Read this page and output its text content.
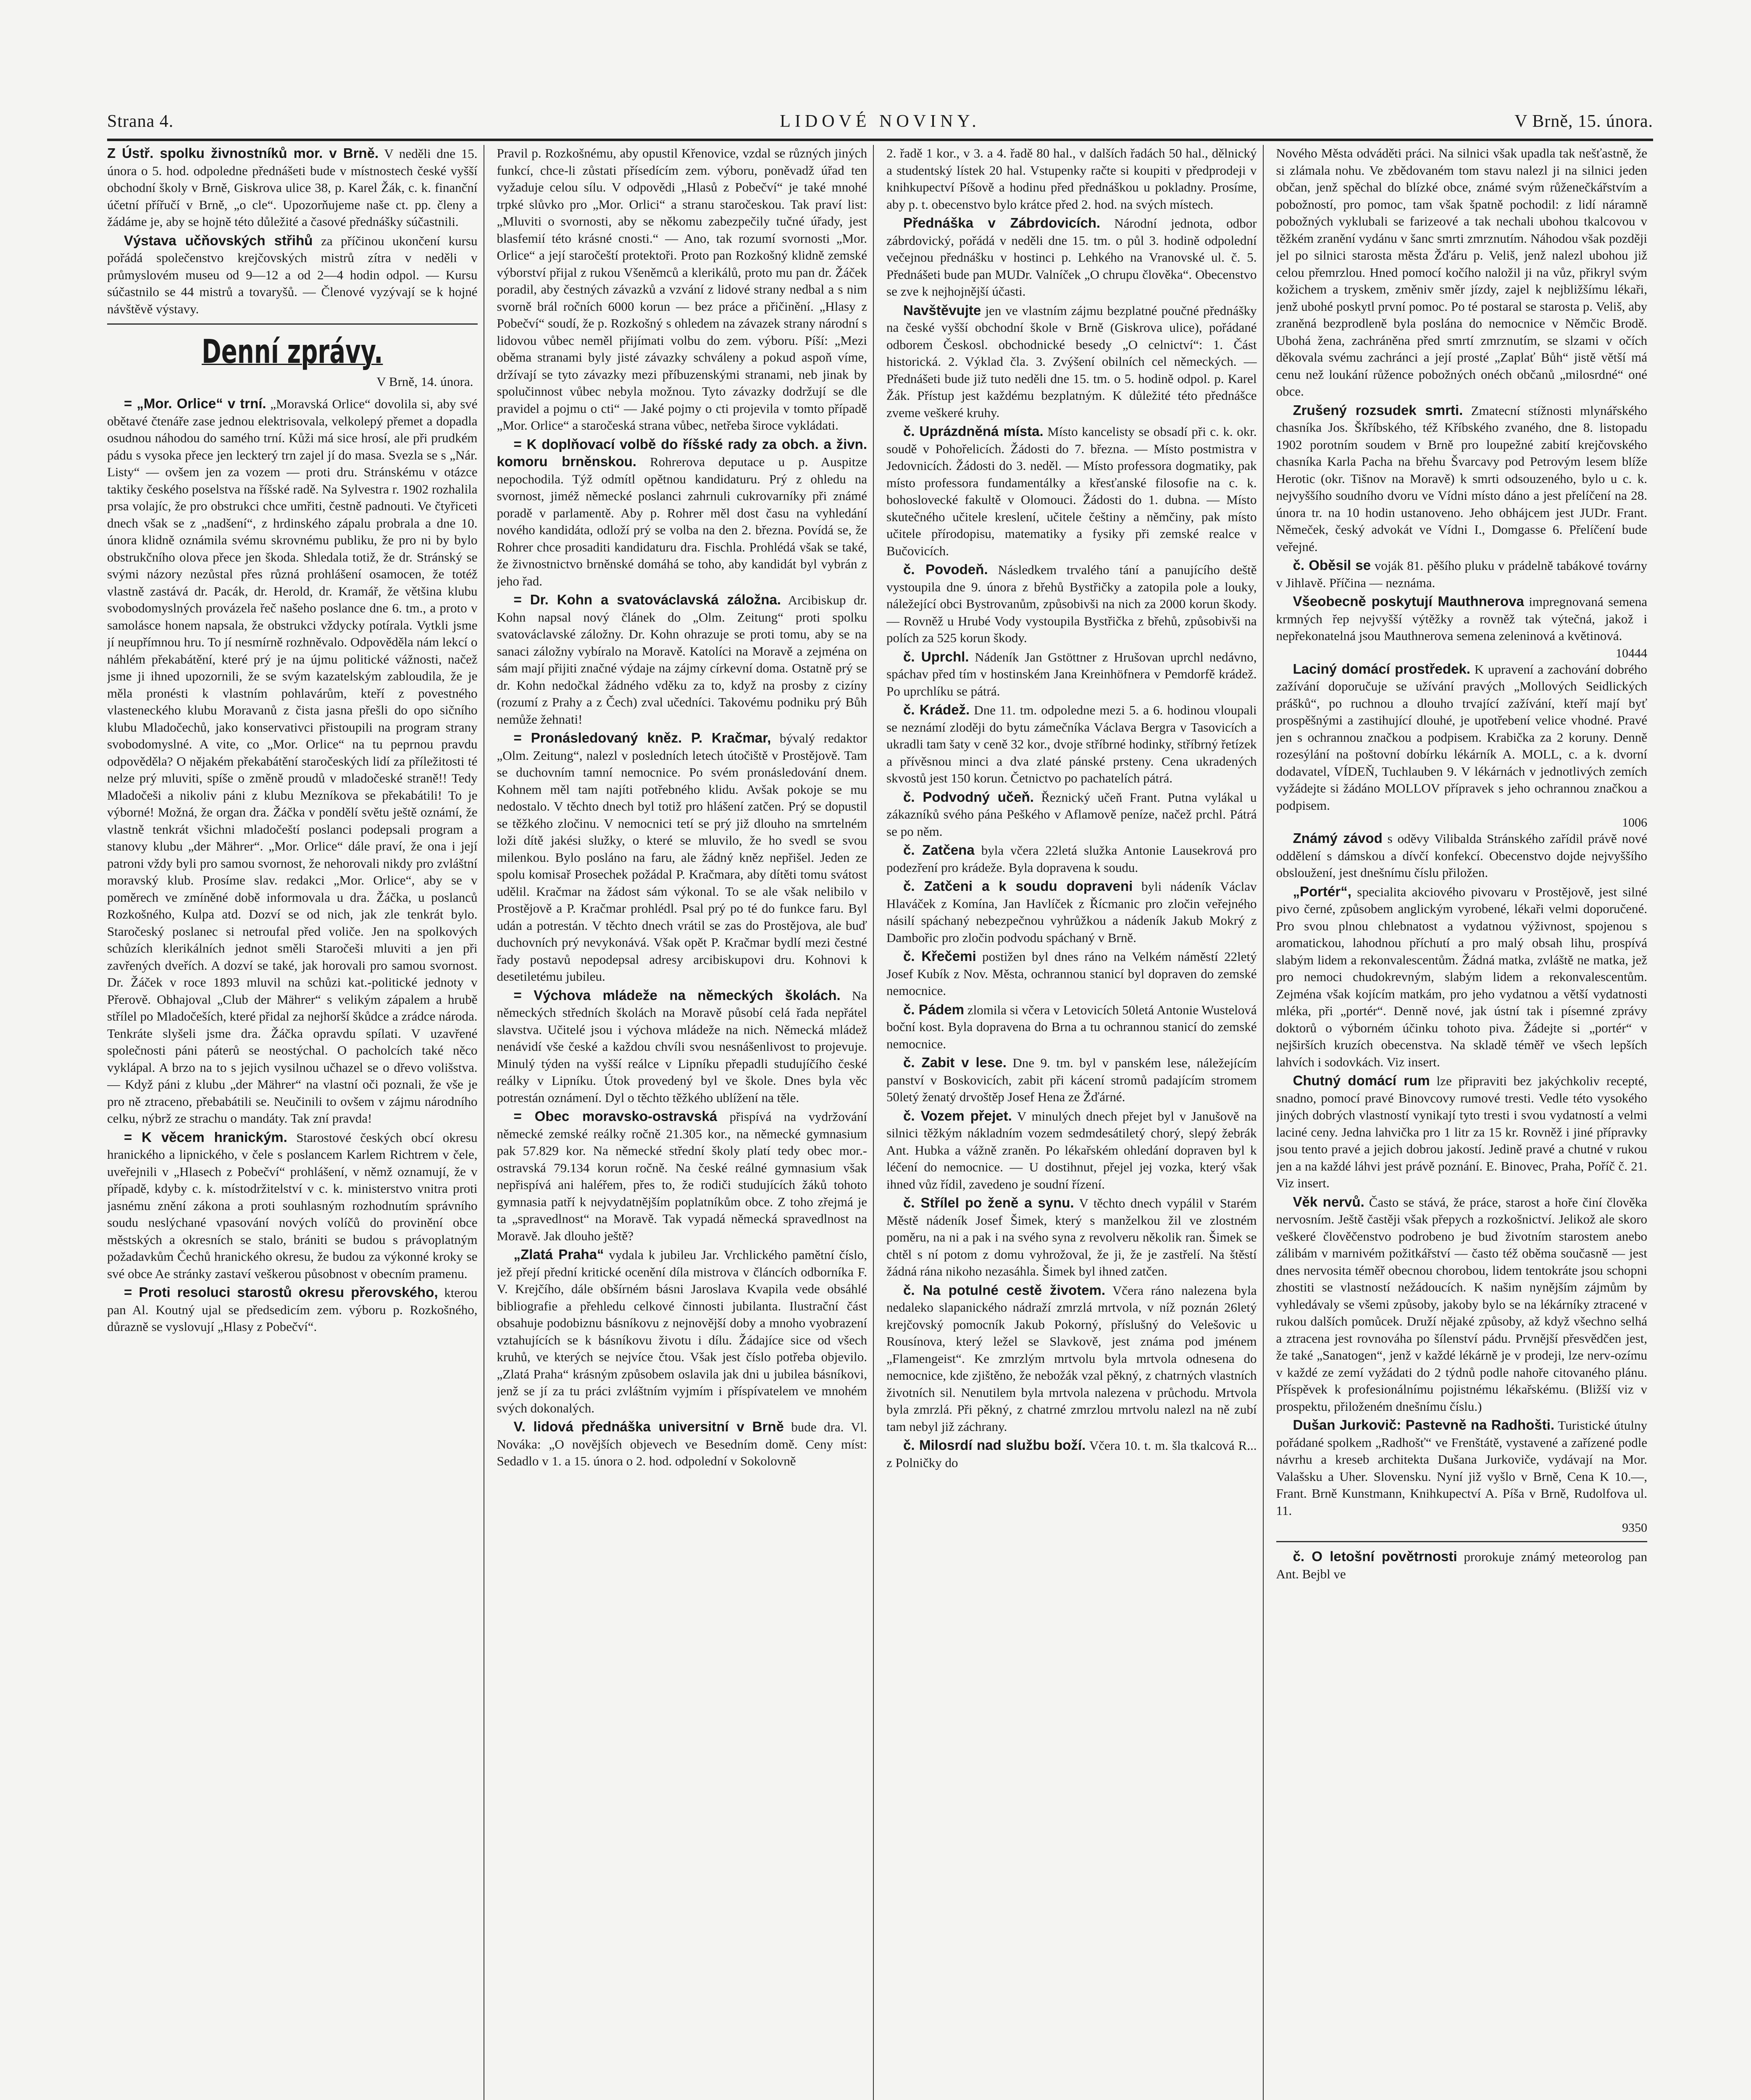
Strana 4.	LIDOVÉ NOVINY.	V Brně, 15. února.

Z Ústř. spolku živnostníků mor. v Brně. V neděli dne 15. února o 5. hod. odpoledne přednášeti bude v místnostech české vyšší obchodní školy v Brně, Giskrova ulice 38, p. Karel Žák, c. k. finanční účetní přířučí v Brně, „o cle“. Upozorňujeme naše ct. pp. členy a žádáme je, aby se hojně této důležité a časové přednášky súčastnili.

Výstava učňovských střihů za příčinou ukončení kursu pořádá společenstvo krejčovských mistrů zítra v neděli v průmyslovém museu od 9—12 a od 2—4 hodin odpol. — Kursu súčastnilo se 44 mistrů a tovaryšů. — Členové vyzývají se k hojné návštěvě výstavy.

Denní zprávy.
V Brně, 14. února.

= „Mor. Orlice“ v trní. „Moravská Orlice“ dovolila si, aby své obětavé čtenáře zase jednou elektrisovala, velkolepý přemet a dopadla osudnou náhodou do samého trní. Kůži má sice hrosí, ale při prudkém pádu s vysoka přece jen leckterý trn zajel jí do masa. Svezla se s „Nár. Listy“ — ovšem jen za vozem — proti dru. Stránskému v otázce taktiky českého poselstva na říšské radě. Na Sylvestra r. 1902 rozhalila prsa volajíc, že pro obstrukci chce umřiti, čestně padnouti. Ve čtyřiceti dnech však se z „nadšení“, z hrdinského zápalu probrala a dne 10. února klidně oznámila svému skrovnému publiku, že pro ni by bylo obstrukčního olova přece jen škoda. Shledala totiž, že dr. Stránský se svými názory nezůstal přes různá prohlášení osamocen, že totéž vlastně zastává dr. Pacák, dr. Herold, dr. Kramář, že většina klubu svobodomyslných provázela řeč našeho poslance dne 6. tm., a proto v samolásce honem napsala, že obstrukci vždycky potírala. Vytkli jsme jí neupřímnou hru. To jí nesmírně rozhněvalo. Odpověděla nám lekcí o náhlém překabátění, které prý je na újmu politické vážnosti, načež jsme ji ihned upozornili, že se svým kazatelským zabloudila, že je měla pronésti k vlastním pohlavárům, kteří z povestného vlasteneckého klubu Moravanů z čista jasna přešli do opo sičního klubu Mladočechů, jako konservativci přistoupili na program strany svobodomyslné. A vite, co „Mor. Orlice“ na tu peprnou pravdu odpověděla? O nějakém překabátění staročeských lidí za příležitosti té nelze prý mluviti, spíše o změně proudů v mladočeské straně!! Tedy Mladočeši a nikoliv páni z klubu Mezníkova se překabátili! To je výborné! Možná, že organ dra. Žáčka v pondělí světu ještě oznámí, že vlastně tenkrát všichni mladočeští poslanci podepsali program a stanovy klubu „der Mährer“. „Mor. Orlice“ dále praví, že ona i její patroni vždy byli pro samou svornost, že nehorovali nikdy pro zvláštní moravský klub. Prosíme slav. redakci „Mor. Orlice“, aby se v poměrech ve zmíněné době informovala u dra. Žáčka, u poslanců Rozkošného, Kulpa atd. Dozví se od nich, jak zle tenkrát bylo. Staročeský poslanec si netroufal před voliče. Jen na spolkových schůzích klerikálních jednot směli Staročeši mluviti a jen při zavřených dveřích. A dozví se také, jak horovali pro samou svornost. Dr. Žáček v roce 1893 mluvil na schůzi kat.-politické jednoty v Přerově. Obhajoval „Club der Mährer“ s velikým zápalem a hrubě střílel po Mladočeších, které přidal za nejhorší škůdce a zrádce národa. Tenkráte slyšeli jsme dra. Žáčka opravdu spílati. V uzavřené společnosti páni páterů se neostýchal. O pacholcích také něco vyklápal. A brzo na to s jejich vysilnou učhazel se o dřevo volišstva. — Když páni z klubu „der Mährer“ na vlastní oči poznali, že vše je pro ně ztraceno, přebabátili se. Neučinili to ovšem v zájmu národního celku, nýbrž ze strachu o mandáty. Tak zní pravda!

= K věcem hranickým. Starostové českých obcí okresu hranického a lipnického, v čele s poslancem Karlem Richtrem v čele, uveřejnili v „Hlasech z Pobečví“ prohlášení, v němž oznamují, že v případě, kdyby c. k. místodržitelství v c. k. ministerstvo vnitra proti jasnému znění zákona a proti souhlasným rozhodnutím správního soudu neslýchané vpasování nových volíčů do provinění obce městských a okresních se stalo, brániti se budou s právoplatným požadavkům Čechů hranického okresu, že budou za výkonné kroky se své obce Ae stránky zastaví veškerou působnost v obecním pramenu.

= Proti resoluci starostů okresu přerovského, kterou pan Al. Koutný ujal se předsedicím zem. výboru p. Rozkošného, důrazně se vyslovují „Hlasy z Pobečví“.

Pravil p. Rozkošnému, aby opustil Křenovice, vzdal se různých jiných funkcí, chce-li zůstati přísedícím zem. výboru, poněvadž úřad ten vyžaduje celou sílu. V odpovědi „Hlasů z Pobečví“ je také mnohé trpké slůvko pro „Mor. Orlici“ a stranu staročeskou. Tak praví list: „Mluviti o svornosti, aby se někomu zabezpečily tučné úřady, jest blasfemií této krásné cnosti.“ — Ano, tak rozumí svornosti „Mor. Orlice“ a její staročeští protektoři. Proto pan Rozkošný klidně zemské výborství přijal z rukou Všeněmců a klerikálů, proto mu pan dr. Žáček poradil, aby čestných závazků a vzvání z lidové strany nedbal a s nim svorně brál ročních 6000 korun — bez práce a přičinění. „Hlasy z Pobečví“ soudí, že p. Rozkošný s ohledem na závazek strany národní s lidovou vůbec neměl přijímati volbu do zem. výboru. Píší: „Mezi oběma stranami byly jisté závazky schváleny a pokud aspoň víme, držívají se tyto závazky mezi příbuzenskými stranami, neb jinak by spolučinnost vůbec nebyla možnou. Tyto závazky dodržují se dle pravidel a pojmu o cti“ — Jaké pojmy o cti projevila v tomto případě „Mor. Orlice“ a staročeská strana vůbec, netřeba široce vykládati.

= K doplňovací volbě do říšské rady za obch. a živn. komoru brněnskou. Rohrerova deputace u p. Auspitze nepochodila. Týž odmítl opětnou kandidaturu. Prý z ohledu na svornost, jiméž německé poslanci zahrnuli cukrovarníky při známé poradě v parlamentě. Aby p. Rohrer měl dost času na vyhledání nového kandidáta, odloží prý se volba na den 2. března. Povídá se, že Rohrer chce prosaditi kandidaturu dra. Fischla. Prohlédá však se také, že živnostnictvo brněnské domáhá se toho, aby kandidát byl vybrán z jeho řad.

= Dr. Kohn a svatováclavská záložna. Arcibiskup dr. Kohn napsal nový článek do „Olm. Zeitung“ proti spolku svatováclavské záložny. Dr. Kohn ohrazuje se proti tomu, aby se na sanaci záložny vybíralo na Moravě. Katolíci na Moravě a zejména on sám mají přijiti značné výdaje na zájmy církevní doma. Ostatně prý se dr. Kohn nedočkal žádného vděku za to, když na prosby z cizíny (rozumí z Prahy a z Čech) zval učedníci. Takovému podniku prý Bůh nemůže žehnati!

= Pronásledovaný kněz. P. Kračmar, bývalý redaktor „Olm. Zeitung“, nalezl v posledních letech útočiště v Prostějově. Tam se duchovním tamní nemocnice. Po svém pronásledování dnem. Kohnem měl tam najíti potřebného klidu. Avšak pokoje se mu nedostalo. V těchto dnech byl totiž pro hlášení zatčen. Prý se dopustil se těžkého zločinu. V nemocnici tetí se prý již dlouho na smrtelném loži dítě jakési služky, o které se mluvilo, že ho svedl se svou milenkou. Bylo posláno na faru, ale žádný kněz nepřišel. Jeden ze spolu komisař Prosechek požádal P. Kračmara, aby dítěti tomu svátost udělil. Kračmar na žádost sám výkonal. To se ale však nelibilo v Prostějově a P. Kračmar prohlédl. Psal prý po té do funkce faru. Byl udán a potrestán. V těchto dnech vrátil se zas do Prostějova, ale buď duchovních prý nevykonává. Však opět P. Kračmar bydlí mezi čestné řady postavů nepodepsal adresy arcibiskupovi dru. Kohnovi k desetiletému jubileu.

= Výchova mládeže na německých školách. Na německých středních školách na Moravě působí celá řada nepřátel slavstva. Učitelé jsou i výchova mládeže na nich. Německá mládež nenávidí vše české a každou chvíli svou nesnášenlivost to projevuje. Minulý týden na vyšší reálce v Lipníku přepadli studujíčího české reálky v Lipníku. Útok provedený byl ve škole. Dnes byla věc potrestán oznámení. Dyl o těchto těžkého ublížení na těle.

= Obec moravsko-ostravská přispívá na vydržování německé zemské reálky ročně 21.305 kor., na německé gymnasium pak 57.829 kor. Na německé střední školy platí tedy obec mor.-ostravská 79.134 korun ročně. Na české reálné gymnasium však nepřispívá ani haléřem, přes to, že rodiči studujících žáků tohoto gymnasia patří k nejvydatnějším poplatníkům obce. Z toho zřejmá je ta „spravedlnost“ na Moravě. Tak vypadá německá spravedlnost na Moravě. Jak dlouho ještě?

„Zlatá Praha“ vydala k jubileu Jar. Vrchlického pamětní číslo, jež přejí přední kritické ocenění díla mistrova v článcích odborníka F. V. Krejčího, dále obšírném básni Jaroslava Kvapila vede obsáhlé bibliografie a přehledu celkové činnosti jubilanta. Ilustrační část obsahuje podobiznu básníkovu z nejnovější doby a mnoho vyobrazení vztahujících se k básníkovu životu i dílu. Žádajíce sice od všech kruhů, ve kterých se nejvíce čtou. Však jest číslo potřeba objevilo. „Zlatá Praha“ krásným způsobem oslavila jak dni u jubilea básníkovi, jenž se jí za tu práci zvláštním vyjmím i příspívatelem ve mnohém svých dokonalých.

V. lidová přednáška universitní v Brně bude dra. Vl. Nováka: „O novějších objevech ve Besedním domě. Ceny míst: Sedadlo v 1. a 15. února o 2. hod. odpolední v Sokolovně

2. řadě 1 kor., v 3. a 4. řadě 80 hal., v dalších řadách 50 hal., dělnický a studentský lístek 20 hal. Vstupenky račte si koupiti v předprodeji v knihkupectví Píšově a hodinu před přednáškou u pokladny. Prosíme, aby p. t. obecenstvo bylo krátce před 2. hod. na svých místech.

Přednáška v Zábrdovicích. Národní jednota, odbor zábrdovický, pořádá v neděli dne 15. tm. o půl 3. hodině odpolední večejnou přednášku v hostinci p. Lehkého na Vranovské ul. č. 5. Přednášeti bude pan MUDr. Valníček „O chrupu člověka“. Obecenstvo se zve k nejhojnější účasti.

Navštěvujte jen ve vlastním zájmu bezplatné poučné přednášky na české vyšší obchodní škole v Brně (Giskrova ulice), pořádané odborem Českosl. obchodnické besedy „O celnictví“: 1. Část historická. 2. Výklad čla. 3. Zvýšení obilních cel německých. — Přednášeti bude již tuto neděli dne 15. tm. o 5. hodině odpol. p. Karel Žák. Přístup jest každému bezplatným. K důležité této přednášce zveme veškeré kruhy.

č. Uprázdněná místa. Místo kancelisty se obsadí při c. k. okr. soudě v Pohořelicích. Žádosti do 7. března. — Místo postmistra v Jedovnicích. Žádosti do 3. neděl. — Místo professora dogmatiky, pak místo professora fundamentálky a křesťanské filosofie na c. k. bohoslovecké fakultě v Olomouci. Žádosti do 1. dubna. — Místo skutečného učitele kreslení, učitele češtiny a němčiny, pak místo učitele přírodopisu, matematiky a fysiky při zemské realce v Bučovicích.

č. Povodeň. Následkem trvalého tání a panujícího deště vystoupila dne 9. února z břehů Bystřičky a zatopila pole a louky, náležející obci Bystrovanům, způsobivši na nich za 2000 korun škody. — Rovněž u Hrubé Vody vystoupila Bystřička z břehů, způsobivši na polích za 525 korun škody.

č. Uprchl. Nádeník Jan Gstöttner z Hrušovan uprchl nedávno, spáchav před tím v hostinském Jana Kreinhöfnera v Pemdorfě krádež. Po uprchlíku se pátrá.

č. Krádež. Dne 11. tm. odpoledne mezi 5. a 6. hodinou vloupali se neznámí zloději do bytu zámečníka Václava Bergra v Tasovicích a ukradli tam šaty v ceně 32 kor., dvoje stříbrné hodinky, stříbrný řetízek a přívěsnou minci a dva zlaté pánské prsteny. Cena ukradených skvostů jest 150 korun. Četnictvo po pachatelích pátrá.

č. Podvodný učeň. Řeznický učeň Frant. Putna vylákal u zákazníků svého pána Peškého v Aflamově peníze, načež prchl. Pátrá se po něm.

č. Zatčena byla včera 22letá služka Antonie Lausekrová pro podezření pro krádeže. Byla dopravena k soudu.

č. Zatčeni a k soudu dopraveni byli nádeník Václav Hlaváček z Komína, Jan Havlíček z Řícmanic pro zločin veřejného násilí spáchaný nebezpečnou vyhrůžkou a nádeník Jakub Mokrý z Dambořic pro zločin podvodu spáchaný v Brně.

č. Křečemi postižen byl dnes ráno na Velkém náměstí 22letý Josef Kubík z Nov. Města, ochrannou stanicí byl dopraven do zemské nemocnice.

č. Pádem zlomila si včera v Letovicích 50letá Antonie Wustelová boční kost. Byla dopravena do Brna a tu ochrannou stanicí do zemské nemocnice.

č. Zabit v lese. Dne 9. tm. byl v panském lese, náležejícím panství v Boskovicích, zabit při kácení stromů padajícím stromem 50letý ženatý drvoštěp Josef Hena ze Žďárné.

č. Vozem přejet. V minulých dnech přejet byl v Janušově na silnici těžkým nákladním vozem sedmdesátiletý chorý, slepý žebrák Ant. Hubka a vážně zraněn. Po lékařském ohledání dopraven byl k léčení do nemocnice. — U dostihnut, přejel jej vozka, který však ihned vůz řídil, zavedeno je soudní řízení.

č. Střílel po ženě a synu. V těchto dnech vypálil v Starém Městě nádeník Josef Šimek, který s manželkou žil ve zlostném poměru, na ni a pak i na svého syna z revolveru několik ran. Šimek se chtěl s ní potom z domu vyhrožoval, že ji, že je zastřelí. Na štěstí žádná rána nikoho nezasáhla. Šimek byl ihned zatčen.

č. Na potulné cestě životem. Včera ráno nalezena byla nedaleko slapanického nádraží zmrzlá mrtvola, v níž poznán 26letý krejčovský pomocník Jakub Pokorný, příslušný do Velešovic u Rousínova, který ležel se Slavkově, jest známa pod jménem „Flamengeist“. Ke zmrzlým mrtvolu byla mrtvola odnesena do nemocnice, kde zjištěno, že nebožák vzal pěkný, z chatrných vlastních životních sil. Nenutilem byla mrtvola nalezena v průchodu. Mrtvola byla zmrzlá. Při pěkný, z chatrné zmrzlou mrtvolu nalezl na ně zubí tam nebyl již záchrany.

č. Milosrdí nad službu boží. Včera 10. t. m. šla tkalcová R... z Polničky do

Nového Města odváděti práci. Na silnici však upadla tak nešťastně, že si zlámala nohu. Ve zbědovaném tom stavu nalezl ji na silnici jeden občan, jenž spěchal do blízké obce, známé svým růženečkářstvím a pobožností, pro pomoc, tam však špatně pochodil: z lidí náramně pobožných vyklubali se farizeové a tak nechali ubohou tkalcovou v těžkém zranění vydánu v šanc smrti zmrznutím. Náhodou však později jel po silnici starosta města Žďáru p. Veliš, jenž nalezl ubohou již celou přemrzlou. Hned pomocí kočího naložil ji na vůz, přikryl svým kožichem a tryskem, změniv směr jízdy, zajel k nejbližšímu lékaři, jenž ubohé poskytl první pomoc. Po té postaral se starosta p. Veliš, aby zraněná bezprodleně byla poslána do nemocnice v Němčic Brodě. Ubohá žena, zachráněna před smrtí zmrznutím, se slzami v očích děkovala svému zachránci a její prosté „Zaplať Bůh“ jistě větší má cenu než loukání růžence pobožných onéch občanů „milosrdné“ oné obce.

Zrušený rozsudek smrti. Zmatecní stížnosti mlynářského chasníka Jos. Škříbského, též Kříbského zvaného, dne 8. listopadu 1902 porotním soudem v Brně pro loupežné zabití krejčovského chasníka Karla Pacha na břehu Švarcavy pod Petrovým lesem blíže Herotic (okr. Tišnov na Moravě) k smrti odsouzeného, bylo u c. k. nejvyššího soudního dvoru ve Vídni místo dáno a jest přelíčení na 28. února tr. na 10 hodin ustanoveno. Jeho obhájcem jest JUDr. Frant. Němeček, český advokát ve Vídni I., Domgasse 6. Přelíčení bude veřejné.

č. Oběsil se voják 81. pěšího pluku v prádelně tabákové továrny v Jihlavě. Příčina — neznáma.

Všeobecně poskytují Mauthnerova impregnovaná semena krmných řep nejvyšší výtěžky a rovněž tak výtečná, jakož i nepřekonatelná jsou Mauthnerova semena zeleninová a květinová.

10444

Laciný domácí prostředek. K upravení a zachování dobrého zažívání doporučuje se užívání pravých „Mollových Seidlických prášků“, po ruchnou a dlouho trvající zažívání, kteří mají byť prospěšnými a zastihující dlouhé, je upotřebení velice vhodné. Pravé jen s ochrannou značkou a podpisem. Krabička za 2 koruny. Denně rozesýlání na poštovní dobírku lékárník A. MOLL, c. a k. dvorní dodavatel, VÍDEŇ, Tuchlauben 9. V lékárnách v jednotlivých zemích vyžádejte si žádáno MOLLOV přípravek s jeho ochrannou značkou a podpisem.

1006

Známý závod s oděvy Vilibalda Stránského zařídil právě nové oddělení s dámskou a dívčí konfekcí. Obecenstvo dojde nejvyššího obsloužení, jest dnešnímu číslu přiložen.

„Portér“, specialita akciového pivovaru v Prostějově, jest silné pivo černé, způsobem anglickým vyrobené, lékaři velmi doporučené. Pro svou plnou chlebnatost a vydatnou výživnost, spojenou s aromatickou, lahodnou příchutí a pro malý obsah lihu, prospívá slabým lidem a rekonvalescentům. Žádná matka, zvláště ne matka, jež pro nemoci chudokrevným, slabým lidem a rekonvalescentům. Zejména však kojícím matkám, pro jeho vydatnou a větší vydatnosti mléka, při „portér“. Denně nové, jak ústní tak i písemné zprávy doktorů o výborném účinku tohoto piva. Žádejte si „portér“ v nejširších kruzích obecenstva. Na skladě téměř ve všech lepších lahvích i sodovkách. Viz insert.

Chutný domácí rum lze připraviti bez jakýchkoliv recepté, snadno, pomocí pravé Binovcovy rumové tresti. Vedle této vysokého jiných dobrých vlastností vynikají tyto tresti i svou vydatností a velmi laciné ceny. Jedna lahvička pro 1 litr za 15 kr. Rovněž i jiné přípravky jsou tento pravé a jejich dobrou jakostí. Jedině pravé a chutné v rukou jen a na každé láhvi jest právě poznání. E. Binovec, Praha, Poříč č. 21. Viz insert.

Věk nervů. Často se stává, že práce, starost a hoře činí člověka nervosním. Ještě častěji však přepych a rozkošnictví. Jelikož ale skoro veškeré člověčenstvo podrobeno je bud životním starostem anebo zálibám v marnivém požitkářství — často též oběma současně — jest dnes nervosita téměř obecnou chorobou, lidem tentokráte jsou schopni zhostiti se vlastností nežádoucích. K našim nynějším zájmům by vyhledávaly se všemi způsoby, jakoby bylo se na lékárníky ztracené v rukou dalších pomůcek. Druží nějaké způsoby, až když všechno selhá a ztracena jest rovnováha po šílenství pádu. Prvnější přesvědčen jest, že také „Sanatogen“, jenž v každé lékárně je v prodeji, lze nerv-ozímu v každé ze zemí vyžádati do 2 týdnů podle nahoře citovaného plánu. Příspěvek k profesionálnímu pojistnému lékařskému. (Bližší viz v prospektu, přiloženém dnešnímu číslu.)

Dušan Jurkovič: Pastevně na Radhošti. Turistické útulny pořádané spolkem „Radhošť“ ve Frenštátě, vystavené a zařízené podle návrhu a kreseb architekta Dušana Jurkoviče, vydávají na Mor. Valašsku a Uher. Slovensku. Nyní již vyšlo v Brně, Cena K 10.—, Frant. Brně Kunstmann, Knihkupectví A. Píša v Brně, Rudolfova ul. 11.

9350

č. O letošní povětrnosti prorokuje známý meteorolog pan Ant. Bejbl ve
